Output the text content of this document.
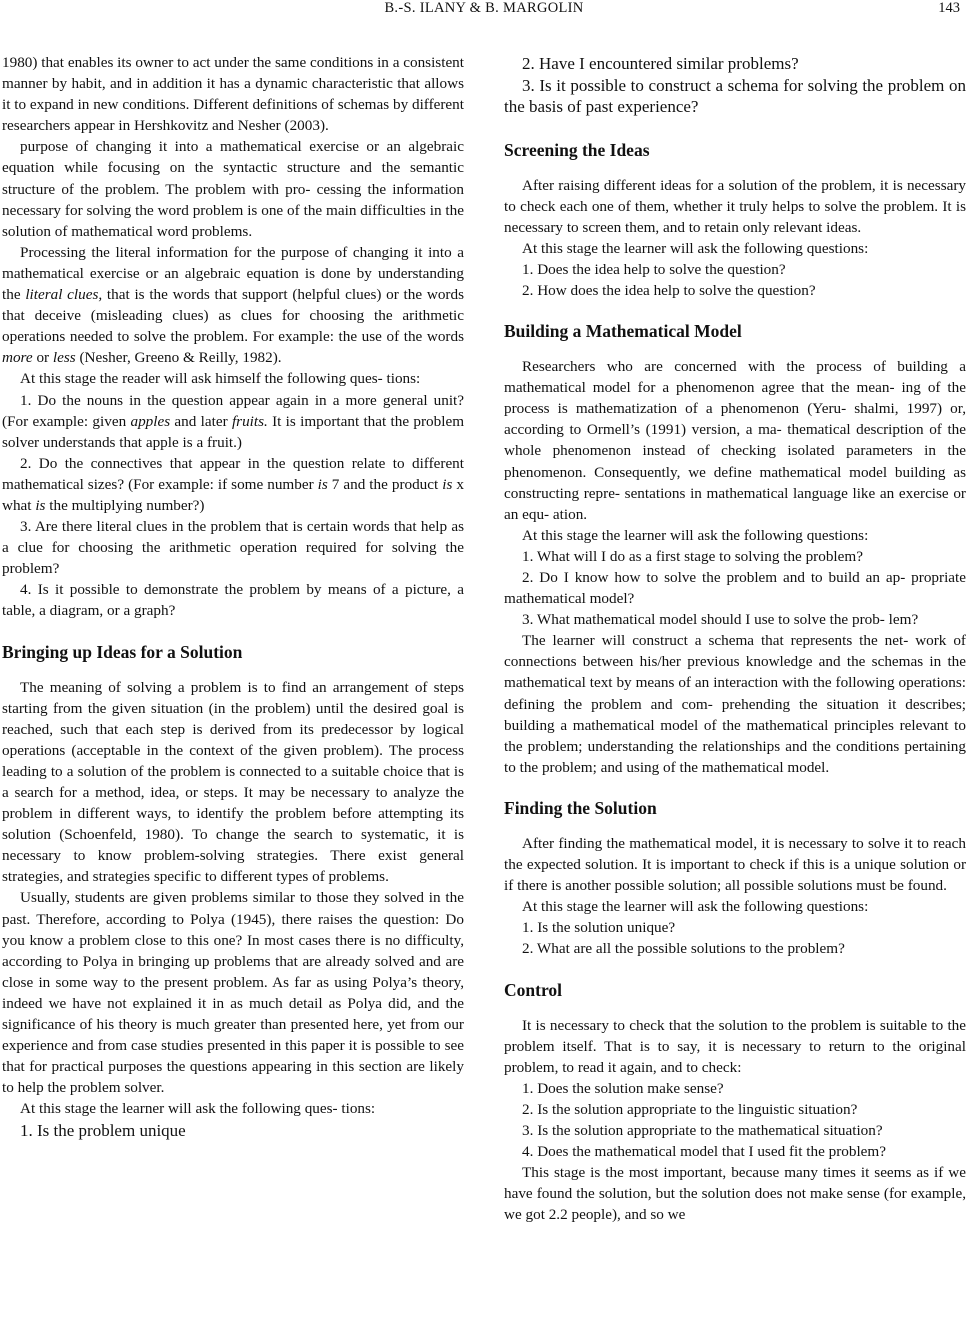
B.-S. ILANY & B. MARGOLIN	143

1980) that enables its owner to act under the same conditions in a consistent manner by habit, and in addition it has a dynamic characteristic that allows it to expand in new conditions. Different definitions of schemas by different researchers appear in Hershkovitz and Nesher (2003).

purpose of changing it into a mathematical exercise or an algebraic equation while focusing on the syntactic structure and the semantic structure of the problem. The problem with pro- cessing the information necessary for solving the word problem is one of the main difficulties in the solution of mathematical word problems.

Processing the literal information for the purpose of changing it into a mathematical exercise or an algebraic equation is done by understanding the literal clues, that is the words that support (helpful clues) or the words that deceive (misleading clues) as clues for choosing the arithmetic operations needed to solve the problem. For example: the use of the words more or less (Nesher, Greeno & Reilly, 1982).

At this stage the reader will ask himself the following ques- tions:

1. Do the nouns in the question appear again in a more general unit? (For example: given apples and later fruits. It is important that the problem solver understands that apple is a fruit.)

2. Do the connectives that appear in the question relate to different mathematical sizes? (For example: if some number is 7 and the product is x what is the multiplying number?)

3. Are there literal clues in the problem that is certain words that help as a clue for choosing the arithmetic operation required for solving the problem?

4. Is it possible to demonstrate the problem by means of a picture, a table, a diagram, or a graph?

Bringing up Ideas for a Solution

The meaning of solving a problem is to find an arrangement of steps starting from the given situation (in the problem) until the desired goal is reached, such that each step is derived from its predecessor by logical operations (acceptable in the context of the given problem). The process leading to a solution of the problem is connected to a suitable choice that is a search for a method, idea, or steps. It may be necessary to analyze the problem in different ways, to identify the problem before attempting its solution (Schoenfeld, 1980). To change the search to systematic, it is necessary to know problem-solving strategies. There exist general strategies, and strategies specific to different types of problems.

Usually, students are given problems similar to those they solved in the past. Therefore, according to Polya (1945), there raises the question: Do you know a problem close to this one? In most cases there is no difficulty, according to Polya in bringing up problems that are already solved and are close in some way to the present problem. As far as using Polya’s theory, indeed we have not explained it in as much detail as Polya did, and the significance of his theory is much greater than presented here, yet from our experience and from case studies presented in this paper it is possible to see that for practical purposes the questions appearing in this section are likely to help the problem solver.

At this stage the learner will ask the following ques- tions:

1. Is the problem unique

2. Have I encountered similar problems?

3. Is it possible to construct a schema for solving the problem on the basis of past experience?

Screening the Ideas

After raising different ideas for a solution of the problem, it is necessary to check each one of them, whether it truly helps to solve the problem. It is necessary to screen them, and to retain only relevant ideas.

At this stage the learner will ask the following questions:

1. Does the idea help to solve the question?

2. How does the idea help to solve the question?

Building a Mathematical Model

Researchers who are concerned with the process of building a mathematical model for a phenomenon agree that the mean- ing of the process is mathematization of a phenomenon (Yeru- shalmi, 1997) or, according to Ormell’s (1991) version, a ma- thematical description of the whole phenomenon instead of checking isolated parameters in the phenomenon. Consequently, we define mathematical model building as constructing repre- sentations in mathematical language like an exercise or an equ- ation.

At this stage the learner will ask the following questions:

1. What will I do as a first stage to solving the problem?

2. Do I know how to solve the problem and to build an ap- propriate mathematical model?

3. What mathematical model should I use to solve the prob- lem?

The learner will construct a schema that represents the net- work of connections between his/her previous knowledge and the schemas in the mathematical text by means of an interaction with the following operations: defining the problem and com- prehending the situation it describes; building a mathematical model of the mathematical principles relevant to the problem; understanding the relationships and the conditions pertaining to the problem; and using of the mathematical model.

Finding the Solution

After finding the mathematical model, it is necessary to solve it to reach the expected solution. It is important to check if this is a unique solution or if there is another possible solution; all possible solutions must be found.

At this stage the learner will ask the following questions:

1. Is the solution unique?

2. What are all the possible solutions to the problem?

Control

It is necessary to check that the solution to the problem is suitable to the problem itself. That is to say, it is necessary to return to the original problem, to read it again, and to check:

1. Does the solution make sense?

2. Is the solution appropriate to the linguistic situation?

3. Is the solution appropriate to the mathematical situation?

4. Does the mathematical model that I used fit the problem?

This stage is the most important, because many times it seems as if we have found the solution, but the solution does not make sense (for example, we got 2.2 people), and so we
